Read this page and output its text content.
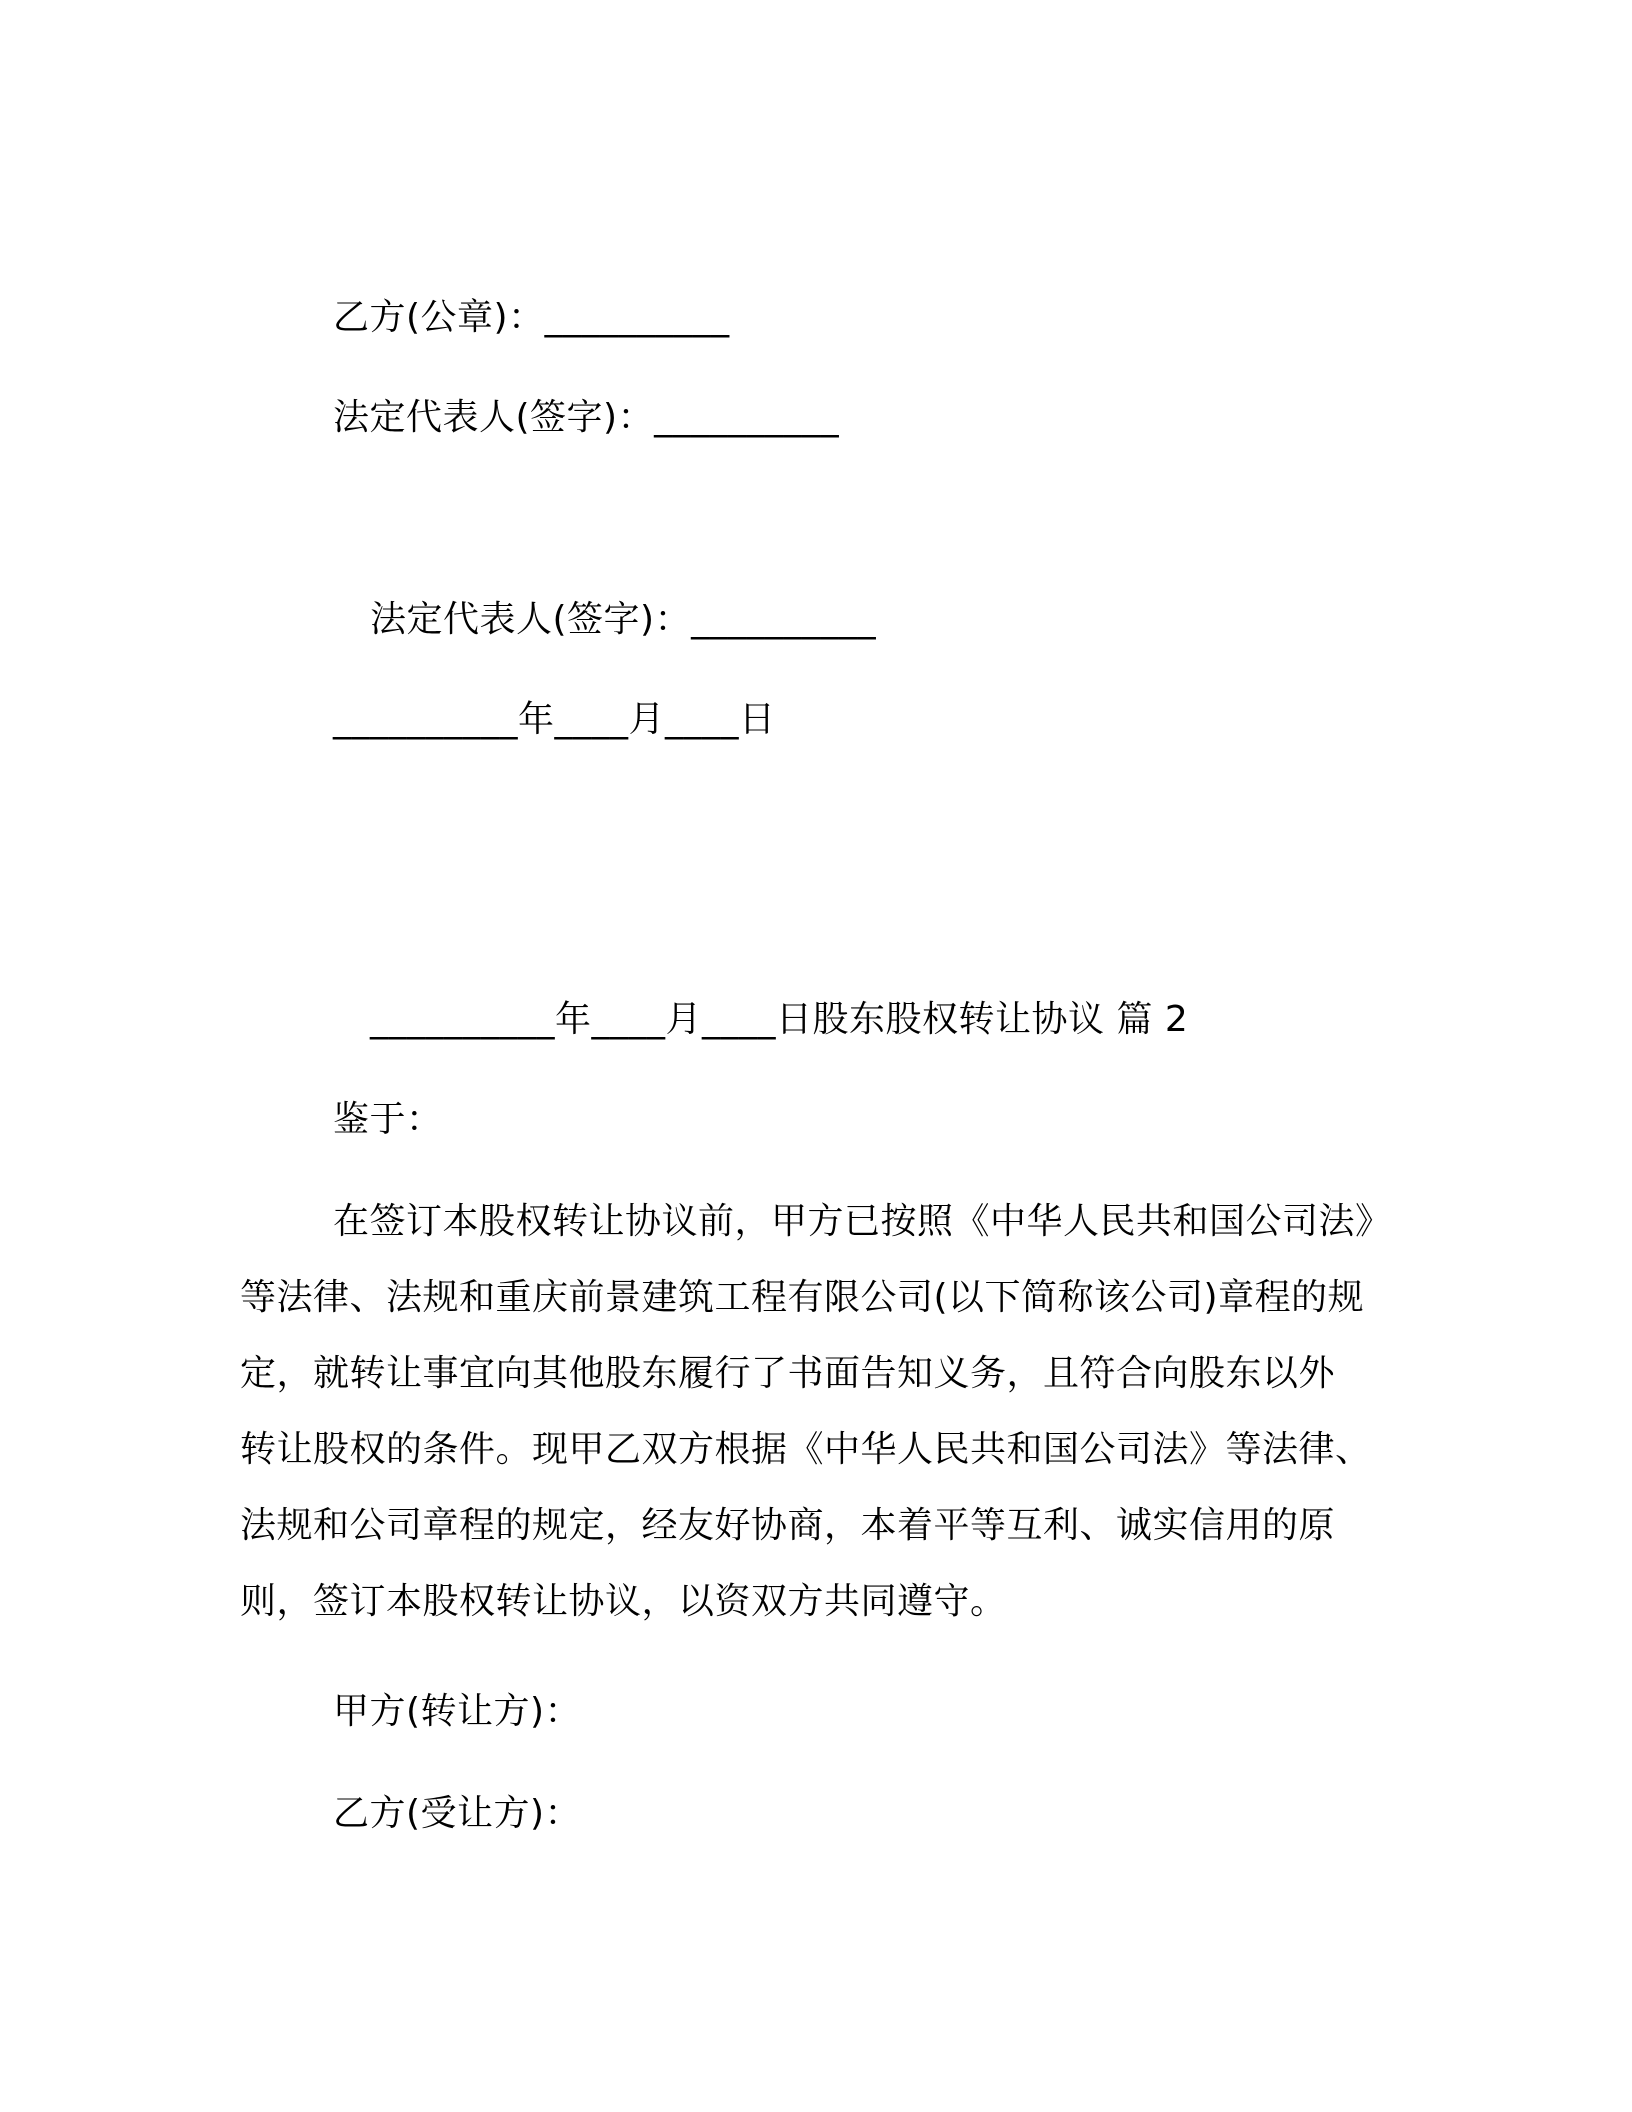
乙方(公章)：__________
法定代表人(签字)：__________
法定代表人(签字)：__________
__________年____月____日
__________年____月____日股东股权转让协议 篇 2
鉴于：
在签订本股权转让协议前，甲方已按照《中华人民共和国公司法》
等法律、法规和重庆前景建筑工程有限公司(以下简称该公司)章程的规
定，就转让事宜向其他股东履行了书面告知义务，且符合向股东以外
转让股权的条件。现甲乙双方根据《中华人民共和国公司法》等法律、
法规和公司章程的规定，经友好协商，本着平等互利、诚实信用的原
则，签订本股权转让协议，以资双方共同遵守。
甲方(转让方)：
乙方(受让方)：
